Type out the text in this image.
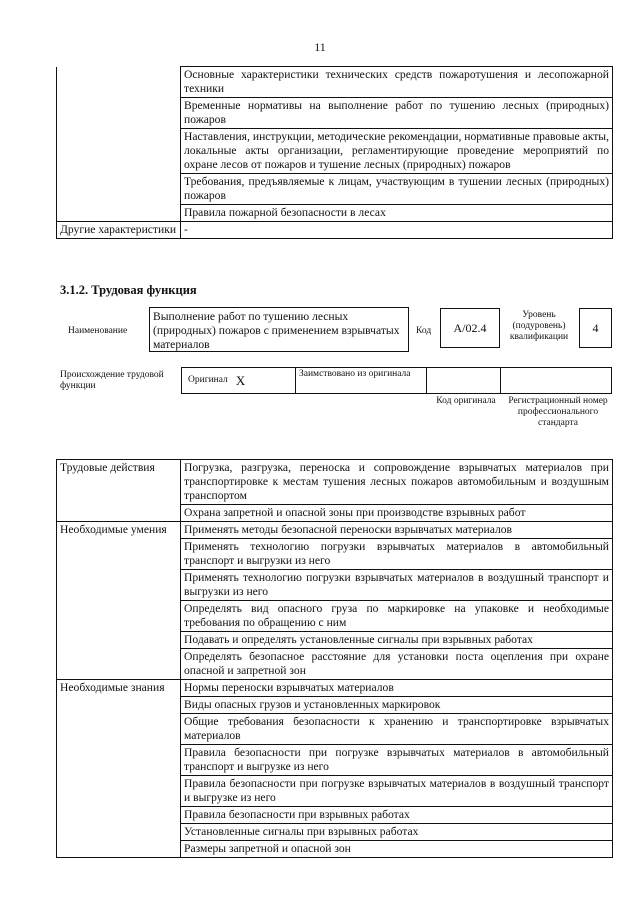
11
	Основные характеристики технических средств пожаротушения и лесопожарной техники
	Временные нормативы на выполнение работ по тушению лесных (природных) пожаров
	Наставления, инструкции, методические рекомендации, нормативные правовые акты, локальные акты организации, регламентирующие проведение мероприятий по охране лесов от пожаров и тушение лесных (природных) пожаров
	Требования, предъявляемые к лицам, участвующим в тушении лесных (природных) пожаров
	Правила пожарной безопасности в лесах
Другие характеристики	-
3.1.2. Трудовая функция
Наименование
Выполнение работ по тушению лесных (природных) пожаров с применением взрывчатых материалов
Код	А/02.4
Уровень (подуровень) квалификации
4
Происхождение трудовой функции
Оригинал X	Заимствовано из оригинала
Код оригинала	Регистрационный номер профессионального стандарта
Трудовые действия	Погрузка, разгрузка, переноска и сопровождение взрывчатых материалов при транспортировке к местам тушения лесных пожаров автомобильным и воздушным транспортом
	Охрана запретной и опасной зоны при производстве взрывных работ
Необходимые умения	Применять методы безопасной переноски взрывчатых материалов
	Применять технологию погрузки взрывчатых материалов в автомобильный транспорт и выгрузки из него
	Применять технологию погрузки взрывчатых материалов в воздушный транспорт и выгрузки из него
	Определять вид опасного груза по маркировке на упаковке и необходимые требования по обращению с ним
	Подавать и определять установленные сигналы при взрывных работах
	Определять безопасное расстояние для установки поста оцепления при охране опасной и запретной зон
Необходимые знания	Нормы переноски взрывчатых материалов
	Виды опасных грузов и установленных маркировок
	Общие требования безопасности к хранению и транспортировке взрывчатых материалов
	Правила безопасности при погрузке взрывчатых материалов в автомобильный транспорт и выгрузке из него
	Правила безопасности при погрузке взрывчатых материалов в воздушный транспорт и выгрузке из него
	Правила безопасности при взрывных работах
	Установленные сигналы при взрывных работах
	Размеры запретной и опасной зон
